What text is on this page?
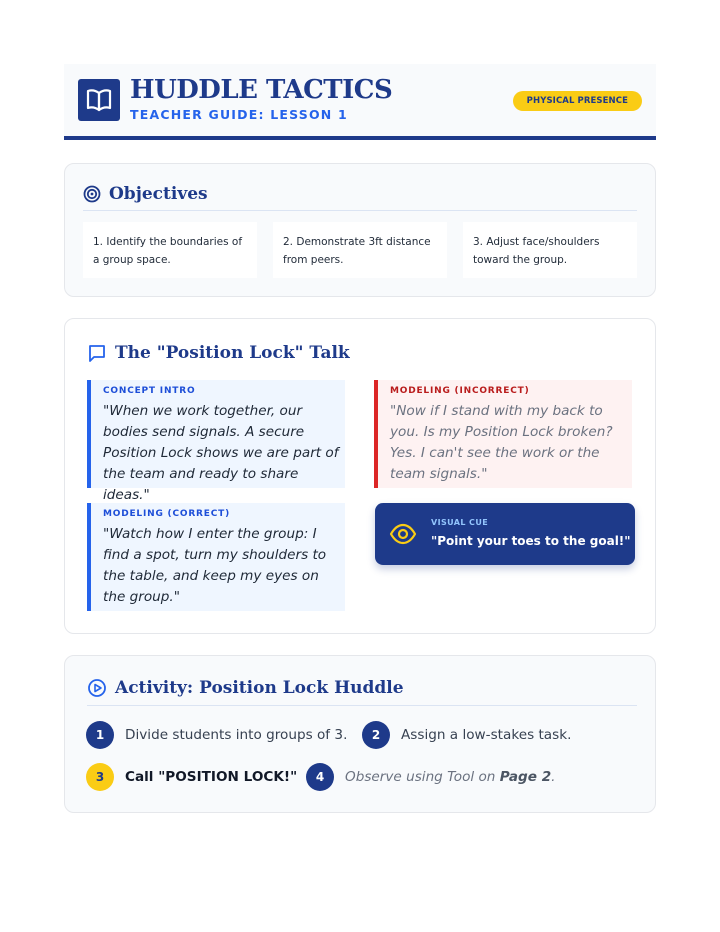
HUDDLE TACTICS
TEACHER GUIDE: LESSON 1
PHYSICAL PRESENCE
Objectives
1. Identify the boundaries of a group space.
2. Demonstrate 3ft distance from peers.
3. Adjust face/shoulders toward the group.
The "Position Lock" Talk
CONCEPT INTRO
"When we work together, our bodies send signals. A secure Position Lock shows we are part of the team and ready to share ideas."
MODELING (INCORRECT)
"Now if I stand with my back to you. Is my Position Lock broken? Yes. I can't see the work or the team signals."
MODELING (CORRECT)
"Watch how I enter the group: I find a spot, turn my shoulders to the table, and keep my eyes on the group."
VISUAL CUE
"Point your toes to the goal!"
Activity: Position Lock Huddle
1	Divide students into groups of 3.	2	Assign a low-stakes task.
3	Call "POSITION LOCK!"	4	Observe using Tool on Page 2.
